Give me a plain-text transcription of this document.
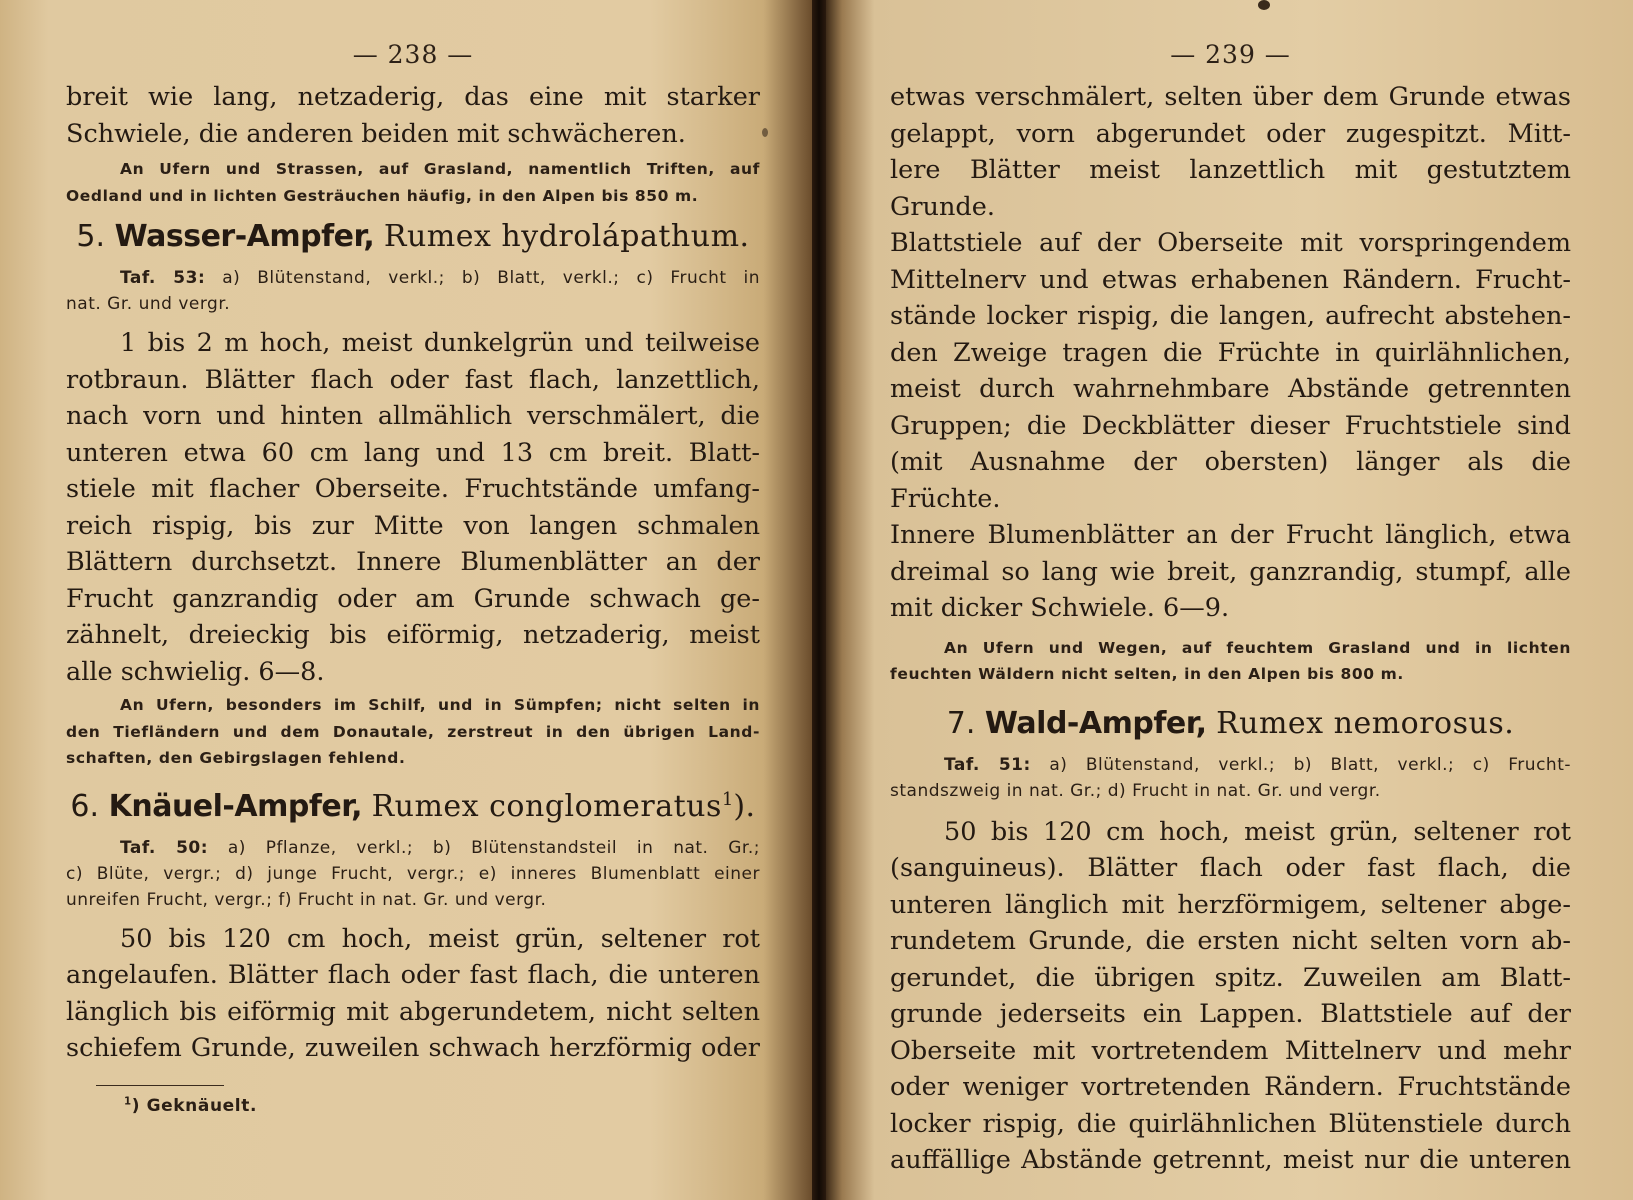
— 238 —

breit wie lang, netzaderig, das eine mit starker
Schwiele, die anderen beiden mit schwächeren.

An Ufern und Strassen, auf Grasland, namentlich Triften, auf
Oedland und in lichten Gesträuchen häufig, in den Alpen bis 850 m.

5. Wasser-Ampfer, Rumex hydrolápathum.

Taf. 53: a) Blütenstand, verkl.; b) Blatt, verkl.; c) Frucht in
nat. Gr. und vergr.

1 bis 2 m hoch, meist dunkelgrün und teilweise
rotbraun. Blätter flach oder fast flach, lanzettlich,
nach vorn und hinten allmählich verschmälert, die
unteren etwa 60 cm lang und 13 cm breit. Blatt-
stiele mit flacher Oberseite. Fruchtstände umfang-
reich rispig, bis zur Mitte von langen schmalen
Blättern durchsetzt. Innere Blumenblätter an der
Frucht ganzrandig oder am Grunde schwach ge-
zähnelt, dreieckig bis eiförmig, netzaderig, meist
alle schwielig. 6—8.

An Ufern, besonders im Schilf, und in Sümpfen; nicht selten in
den Tiefländern und dem Donautale, zerstreut in den übrigen Land-
schaften, den Gebirgslagen fehlend.

6. Knäuel-Ampfer, Rumex conglomeratus$^1$).

Taf. 50: a) Pflanze, verkl.; b) Blütenstandsteil in nat. Gr.;
c) Blüte, vergr.; d) junge Frucht, vergr.; e) inneres Blumenblatt einer
unreifen Frucht, vergr.; f) Frucht in nat. Gr. und vergr.

50 bis 120 cm hoch, meist grün, seltener rot
angelaufen. Blätter flach oder fast flach, die unteren
länglich bis eiförmig mit abgerundetem, nicht selten
schiefem Grunde, zuweilen schwach herzförmig oder

$^1$) Geknäuelt.
— 239 —

etwas verschmälert, selten über dem Grunde etwas
gelappt, vorn abgerundet oder zugespitzt. Mitt-
lere Blätter meist lanzettlich mit gestutztem Grunde.
Blattstiele auf der Oberseite mit vorspringendem
Mittelnerv und etwas erhabenen Rändern. Frucht-
stände locker rispig, die langen, aufrecht abstehen-
den Zweige tragen die Früchte in quirlähnlichen,
meist durch wahrnehmbare Abstände getrennten
Gruppen; die Deckblätter dieser Fruchtstiele sind
(mit Ausnahme der obersten) länger als die Früchte.
Innere Blumenblätter an der Frucht länglich, etwa
dreimal so lang wie breit, ganzrandig, stumpf, alle
mit dicker Schwiele. 6—9.

An Ufern und Wegen, auf feuchtem Grasland und in lichten
feuchten Wäldern nicht selten, in den Alpen bis 800 m.

7. Wald-Ampfer, Rumex nemorosus.

Taf. 51: a) Blütenstand, verkl.; b) Blatt, verkl.; c) Frucht-
standszweig in nat. Gr.; d) Frucht in nat. Gr. und vergr.

50 bis 120 cm hoch, meist grün, seltener rot
(sanguineus). Blätter flach oder fast flach, die
unteren länglich mit herzförmigem, seltener abge-
rundetem Grunde, die ersten nicht selten vorn ab-
gerundet, die übrigen spitz. Zuweilen am Blatt-
grunde jederseits ein Lappen. Blattstiele auf der
Oberseite mit vortretendem Mittelnerv und mehr
oder weniger vortretenden Rändern. Fruchtstände
locker rispig, die quirlähnlichen Blütenstiele durch
auffällige Abstände getrennt, meist nur die unteren
